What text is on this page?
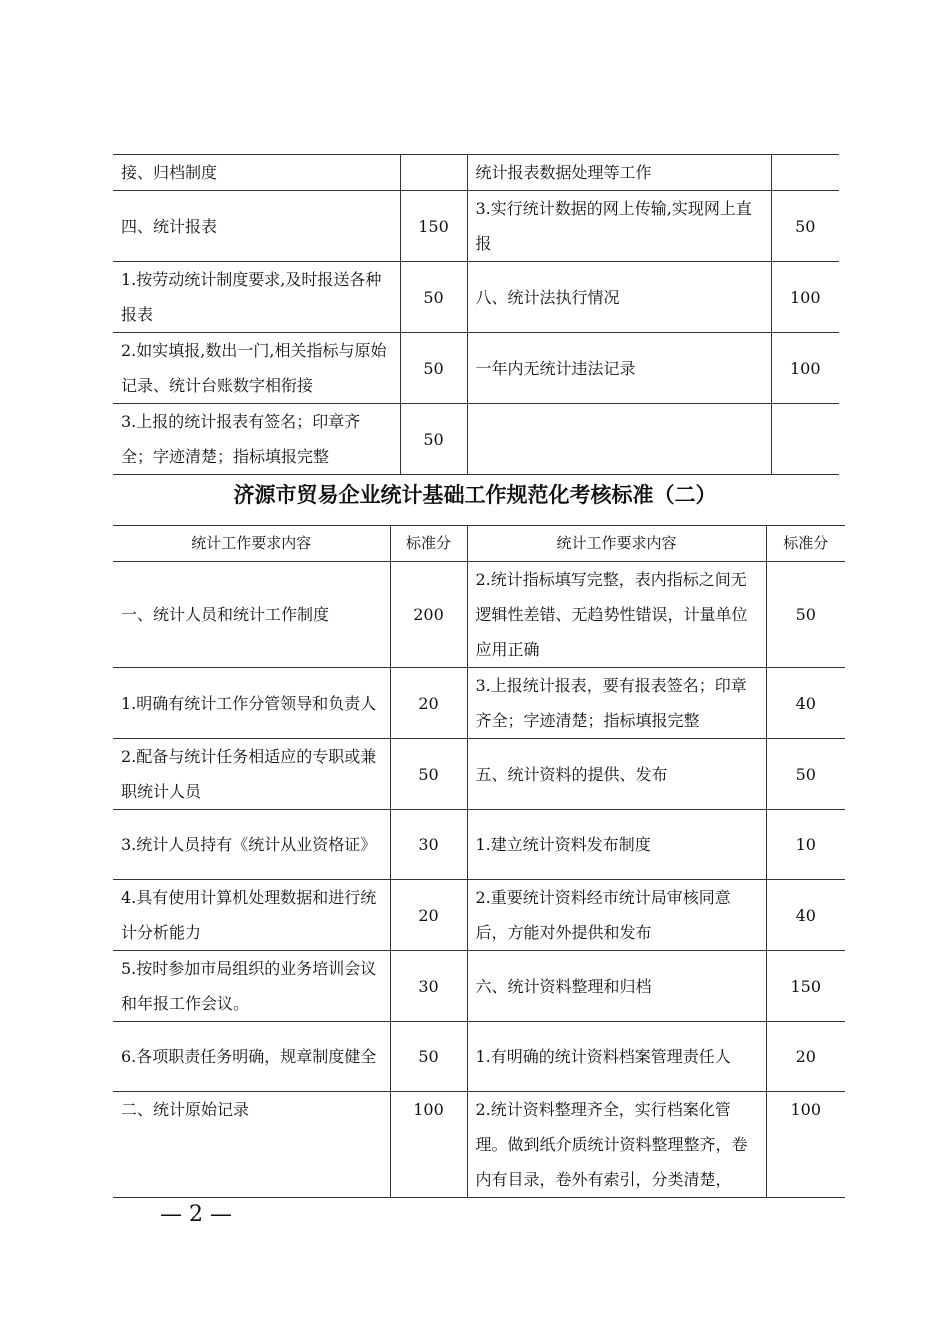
接、归档制度		统计报表数据处理等工作	
四、统计报表	150	3.实行统计数据的网上传输,实现网上直报	50
1.按劳动统计制度要求,及时报送各种报表	50	八、统计法执行情况	100
2.如实填报,数出一门,相关指标与原始记录、统计台账数字相衔接	50	一年内无统计违法记录	100
3.上报的统计报表有签名；印章齐全；字迹清楚；指标填报完整	50		
济源市贸易企业统计基础工作规范化考核标准（二）
统计工作要求内容	标准分	统计工作要求内容	标准分
一、统计人员和统计工作制度	200	2.统计指标填写完整，表内指标之间无逻辑性差错、无趋势性错误，计量单位应用正确	50
1.明确有统计工作分管领导和负责人	20	3.上报统计报表，要有报表签名；印章齐全；字迹清楚；指标填报完整	40
2.配备与统计任务相适应的专职或兼职统计人员	50	五、统计资料的提供、发布	50
3.统计人员持有《统计从业资格证》	30	1.建立统计资料发布制度	10
4.具有使用计算机处理数据和进行统计分析能力	20	2.重要统计资料经市统计局审核同意后，方能对外提供和发布	40
5.按时参加市局组织的业务培训会议和年报工作会议。	30	六、统计资料整理和归档	150
6.各项职责任务明确，规章制度健全	50	1.有明确的统计资料档案管理责任人	20
二、统计原始记录	100	2.统计资料整理齐全，实行档案化管理。做到纸介质统计资料整理整齐，卷内有目录，卷外有索引，分类清楚，	100
— 2 —
